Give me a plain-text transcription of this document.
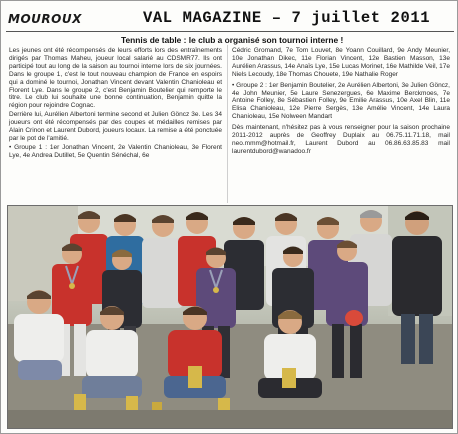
MOUROUX	VAL MAGAZINE – 7 juillet 2011
Tennis de table : le club a organisé son tournoi interne !

Les jeunes ont été récompensés de leurs efforts lors des entraînements dirigés par Thomas Maheu, joueur local salarié au CDSMR77. Ils ont participé tout au long de la saison au tournoi interne lors de six journées. Dans le groupe 1, c'est le tout nouveau champion de France en espoirs qui a dominé le tournoi, Jonathan Vincent devant Valentin Chanioleau et Florent Lye. Dans le groupe 2, c'est Benjamin Boutelier qui remporte le titre. Le club lui souhaite une bonne continuation, Benjamin quitte la région pour rejoindre Cognac.

Derrière lui, Aurélien Albertoni termine second et Julien Göncz 3e. Les 34 joueurs ont été récompensés par des coupes et médailles remises par Alain Crinon et Laurent Dubord, joueurs locaux. La remise a été ponctuée par le pot de l'amitié.

• Groupe 1 : 1er Jonathan Vincent, 2e Valentin Chanioleau, 3e Florent Lye, 4e Andrea Dutillet, 5e Quentin Sénéchal, 6e

Cédric Gromand, 7e Tom Louvet, 8e Yoann Couillard, 9e Andy Meunier, 10e Jonathan Dikec, 11e Florian Vincent, 12e Bastien Masson, 13e Aurélien Arassus, 14e Anaïs Lye, 15e Lucas Morinet, 16e Mathilde Veil, 17e Niels Lecoudy, 18e Thomas Chouete, 19e Nathalie Roger

• Groupe 2 : 1er Benjamin Boutelier, 2e Aurélien Albertoni, 3e Julien Göncz, 4e John Meunier, 5e Laure Senezergues, 6e Maxime Berckmoes, 7e Antoine Folley, 8e Sébastien Folley, 9e Emilie Arassus, 10e Axel Blin, 11e Elisa Chanioleau, 12e Pierre Sergès, 13e Amélie Vincent, 14e Laura Chanioleau, 15e Nolween Mandart

Dès maintenant, n'hésitez pas à vous renseigner pour la saison prochaine 2011-2012 auprès de Geoffrey Duplaix au 06.75.11.71.18, mail neo.mmm@hotmail.fr, Laurent Dubord au 06.86.63.85.83 mail laurentdubord@wanadoo.fr
